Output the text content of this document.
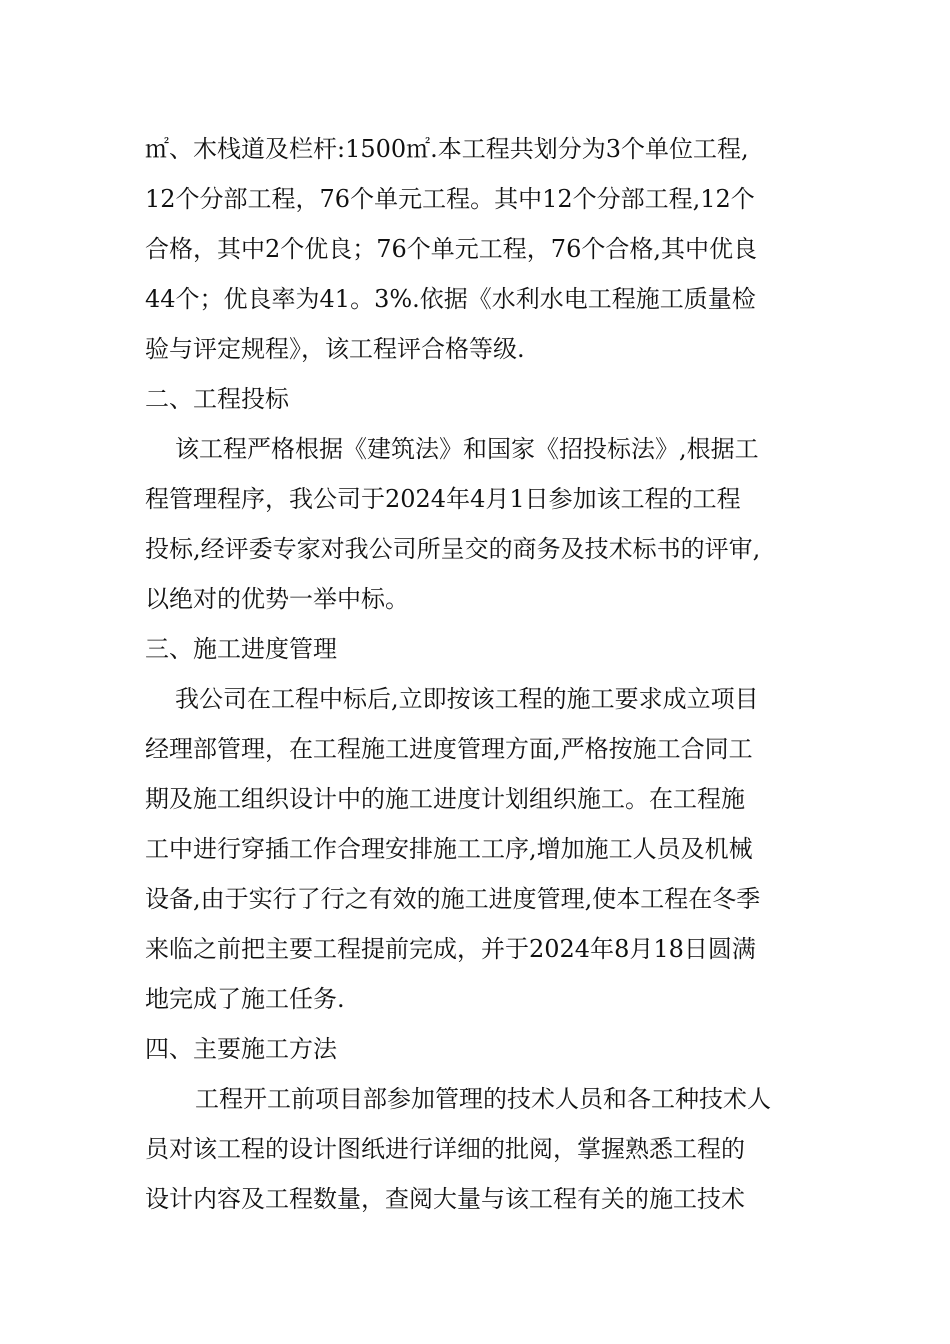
㎡、木栈道及栏杆:1500㎡.本工程共划分为3个单位工程,
12个分部工程，76个单元工程。其中12个分部工程,12个
合格，其中2个优良；76个单元工程，76个合格,其中优良
44个；优良率为41。3%.依据《水利水电工程施工质量检
验与评定规程》，该工程评合格等级.
二、工程投标
该工程严格根据《建筑法》和国家《招投标法》,根据工
程管理程序，我公司于2024年4月1日参加该工程的工程
投标,经评委专家对我公司所呈交的商务及技术标书的评审,
以绝对的优势一举中标。
三、施工进度管理
我公司在工程中标后,立即按该工程的施工要求成立项目
经理部管理，在工程施工进度管理方面,严格按施工合同工
期及施工组织设计中的施工进度计划组织施工。在工程施
工中进行穿插工作合理安排施工工序,增加施工人员及机械
设备,由于实行了行之有效的施工进度管理,使本工程在冬季
来临之前把主要工程提前完成，并于2024年8月18日圆满
地完成了施工任务.
四、主要施工方法
工程开工前项目部参加管理的技术人员和各工种技术人
员对该工程的设计图纸进行详细的批阅，掌握熟悉工程的
设计内容及工程数量，查阅大量与该工程有关的施工技术
